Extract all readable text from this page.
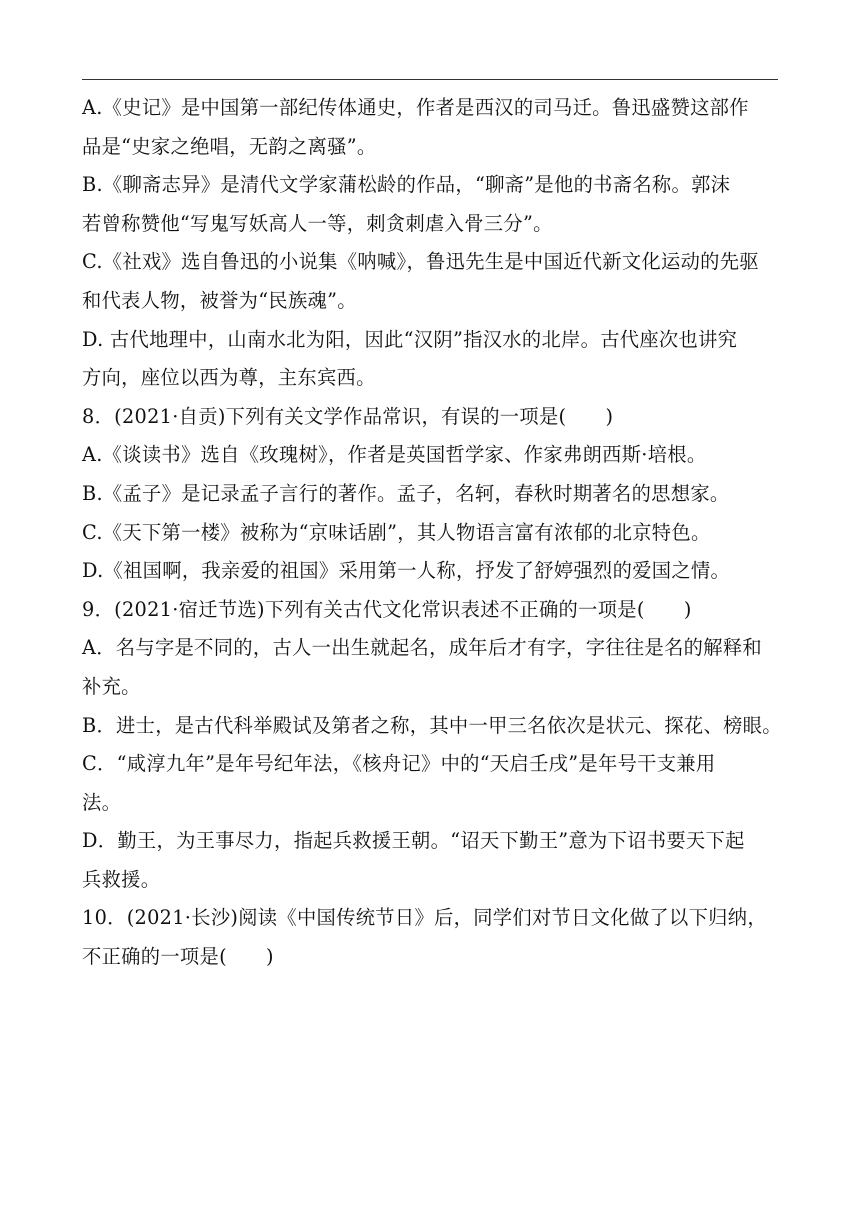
A.《史记》是中国第一部纪传体通史，作者是西汉的司马迁。鲁迅盛赞这部作
品是“史家之绝唱，无韵之离骚”。
B.《聊斋志异》是清代文学家蒲松龄的作品，“聊斋”是他的书斋名称。郭沫
若曾称赞他“写鬼写妖高人一等，刺贪刺虐入骨三分”。
C.《社戏》选自鲁迅的小说集《呐喊》，鲁迅先生是中国近代新文化运动的先驱
和代表人物，被誉为“民族魂”。
D. 古代地理中，山南水北为阳，因此“汉阴”指汉水的北岸。古代座次也讲究
方向，座位以西为尊，主东宾西。
8．(2021·自贡)下列有关文学作品常识，有误的一项是(　　)
A.《谈读书》选自《玫瑰树》，作者是英国哲学家、作家弗朗西斯·培根。
B.《孟子》是记录孟子言行的著作。孟子，名轲，春秋时期著名的思想家。
C.《天下第一楼》被称为“京味话剧”，其人物语言富有浓郁的北京特色。
D.《祖国啊，我亲爱的祖国》采用第一人称，抒发了舒婷强烈的爱国之情。
9．(2021·宿迁节选)下列有关古代文化常识表述不正确的一项是(　　)
A．名与字是不同的，古人一出生就起名，成年后才有字，字往往是名的解释和
补充。
B．进士，是古代科举殿试及第者之称，其中一甲三名依次是状元、探花、榜眼。
C．“咸淳九年”是年号纪年法，《核舟记》中的“天启壬戌”是年号干支兼用
法。
D．勤王，为王事尽力，指起兵救援王朝。“诏天下勤王”意为下诏书要天下起
兵救援。
10．(2021·长沙)阅读《中国传统节日》后，同学们对节日文化做了以下归纳，
不正确的一项是(　　)
